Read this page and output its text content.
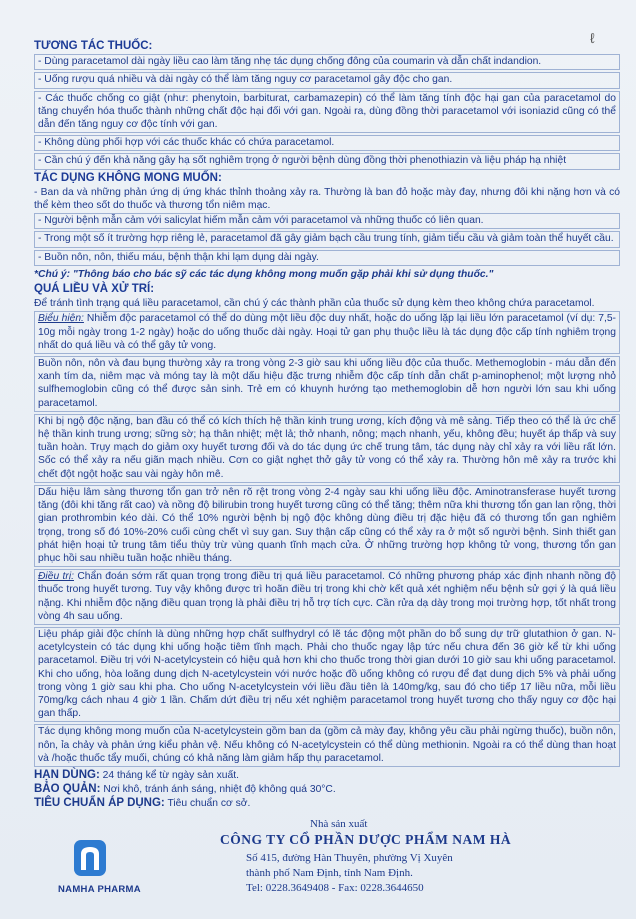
ℓ
TƯƠNG TÁC THUỐC:
- Dùng paracetamol dài ngày liều cao làm tăng nhẹ tác dụng chống đông của coumarin và dẫn chất indandion.
- Uống rượu quá nhiều và dài ngày có thể làm tăng nguy cơ paracetamol gây độc cho gan.
- Các thuốc chống co giật (như: phenytoin, barbiturat, carbamazepin) có thể làm tăng tính độc hại gan của paracetamol do tăng chuyển hóa thuốc thành những chất độc hại đối với gan. Ngoài ra, dùng đồng thời paracetamol với isoniazid cũng có thể dẫn đến tăng nguy cơ độc tính với gan.
- Không dùng phối hợp với các thuốc khác có chứa paracetamol.
- Cần chú ý đến khả năng gây hạ sốt nghiêm trọng ở người bệnh dùng đồng thời phenothiazin và liệu pháp hạ nhiệt
TÁC DỤNG KHÔNG MONG MUỐN:
- Ban da và những phản ứng dị ứng khác thỉnh thoảng xảy ra. Thường là ban đỏ hoặc mày đay, nhưng đôi khi nặng hơn và có thể kèm theo sốt do thuốc và thương tổn niêm mạc.
- Người bệnh mẫn cảm với salicylat hiếm mẫn cảm với paracetamol và những thuốc có liên quan.
- Trong một số ít trường hợp riêng lẻ, paracetamol đã gây giảm bạch cầu trung tính, giảm tiểu cầu và giảm toàn thể huyết cầu.
- Buồn nôn, nôn, thiếu máu, bệnh thận khi lạm dụng dài ngày.
*Chú ý: "Thông báo cho bác sỹ các tác dụng không mong muốn gặp phải khi sử dụng thuốc."
QUÁ LIỀU VÀ XỬ TRÍ:
Để tránh tình trạng quá liều paracetamol, cần chú ý các thành phần của thuốc sử dụng kèm theo không chứa paracetamol.
Biểu hiện: Nhiễm độc paracetamol có thể do dùng một liều độc duy nhất, hoặc do uống lặp lại liều lớn paracetamol (ví dụ: 7,5-10g mỗi ngày trong 1-2 ngày) hoặc do uống thuốc dài ngày. Hoại tử gan phụ thuộc liều là tác dụng độc cấp tính nghiêm trọng nhất do quá liều và có thể gây tử vong.
Buồn nôn, nôn và đau bụng thường xảy ra trong vòng 2-3 giờ sau khi uống liều độc của thuốc. Methemoglobin - máu dẫn đến xanh tím da, niêm mạc và móng tay là một dấu hiệu đặc trưng nhiễm độc cấp tính dẫn chất p-aminophenol; một lượng nhỏ sulfhemoglobin cũng có thể được sản sinh. Trẻ em có khuynh hướng tạo methemoglobin dễ hơn người lớn sau khi uống paracetamol.
Khi bị ngộ độc nặng, ban đầu có thể có kích thích hệ thần kinh trung ương, kích động và mê sảng. Tiếp theo có thể là ức chế hệ thần kinh trung ương; sững sờ; hạ thân nhiệt; mệt lả; thở nhanh, nông; mạch nhanh, yếu, không đều; huyết áp thấp và suy tuần hoàn. Trụy mạch do giảm oxy huyết tương đối và do tác dụng ức chế trung tâm, tác dụng này chỉ xảy ra với liều rất lớn. Sốc có thể xảy ra nếu giãn mạch nhiều. Cơn co giật nghẹt thở gây tử vong có thể xảy ra. Thường hôn mê xảy ra trước khi chết đột ngột hoặc sau vài ngày hôn mê.
Dấu hiệu lâm sàng thương tổn gan trở nên rõ rệt trong vòng 2-4 ngày sau khi uống liều độc. Aminotransferase huyết tương tăng (đôi khi tăng rất cao) và nồng độ bilirubin trong huyết tương cũng có thể tăng; thêm nữa khi thương tổn gan lan rộng, thời gian prothrombin kéo dài. Có thể 10% người bệnh bị ngộ độc không dùng điều trị đặc hiệu đã có thương tổn gan nghiêm trọng, trong số đó 10%-20% cuối cùng chết vì suy gan. Suy thận cấp cũng có thể xảy ra ở một số người bệnh. Sinh thiết gan phát hiện hoại tử trung tâm tiểu thùy trừ vùng quanh tĩnh mạch cửa. Ở những trường hợp không tử vong, thương tổn gan phục hồi sau nhiều tuần hoặc nhiều tháng.
Điều trị: Chẩn đoán sớm rất quan trọng trong điều trị quá liều paracetamol. Có những phương pháp xác định nhanh nồng độ thuốc trong huyết tương. Tuy vậy không được trì hoãn điều trị trong khi chờ kết quả xét nghiệm nếu bệnh sử gợi ý là quá liều nặng. Khi nhiễm độc nặng điều quan trọng là phải điều trị hỗ trợ tích cực. Cần rửa dạ dày trong mọi trường hợp, tốt nhất trong vòng 4h sau uống.
Liệu pháp giải độc chính là dùng những hợp chất sulfhydryl có lẽ tác động một phần do bổ sung dự trữ glutathion ở gan. N-acetylcystein có tác dụng khi uống hoặc tiêm tĩnh mạch. Phải cho thuốc ngay lập tức nếu chưa đến 36 giờ kể từ khi uống paracetamol. Điều trị với N-acetylcystein có hiệu quả hơn khi cho thuốc trong thời gian dưới 10 giờ sau khi uống paracetamol. Khi cho uống, hòa loãng dung dịch N-acetylcystein với nước hoặc đồ uống không có rượu để đạt dung dịch 5% và phải uống trong vòng 1 giờ sau khi pha. Cho uống N-acetylcystein với liều đầu tiên là 140mg/kg, sau đó cho tiếp 17 liều nữa, mỗi liều 70mg/kg cách nhau 4 giờ 1 lần. Chấm dứt điều trị nếu xét nghiệm paracetamol trong huyết tương cho thấy nguy cơ độc hại gan thấp.
Tác dụng không mong muốn của N-acetylcystein gồm ban da (gồm cả mày đay, không yêu cầu phải ngừng thuốc), buồn nôn, nôn, ỉa chảy và phản ứng kiểu phản vệ. Nếu không có N-acetylcystein có thể dùng methionin. Ngoài ra có thể dùng than hoạt và /hoặc thuốc tẩy muối, chúng có khả năng làm giảm hấp thụ paracetamol.
HẠN DÙNG: 24 tháng kể từ ngày sản xuất.
BẢO QUẢN: Nơi khô, tránh ánh sáng, nhiệt độ không quá 30°C.
TIÊU CHUẨN ÁP DỤNG: Tiêu chuẩn cơ sở.
NAMHA PHARMA
Nhà sản xuất
CÔNG TY CỔ PHẦN DƯỢC PHẨM NAM HÀ
Số 415, đường Hàn Thuyên, phường Vị Xuyên
thành phố Nam Định, tỉnh Nam Định.
Tel: 0228.3649408 - Fax: 0228.3644650
